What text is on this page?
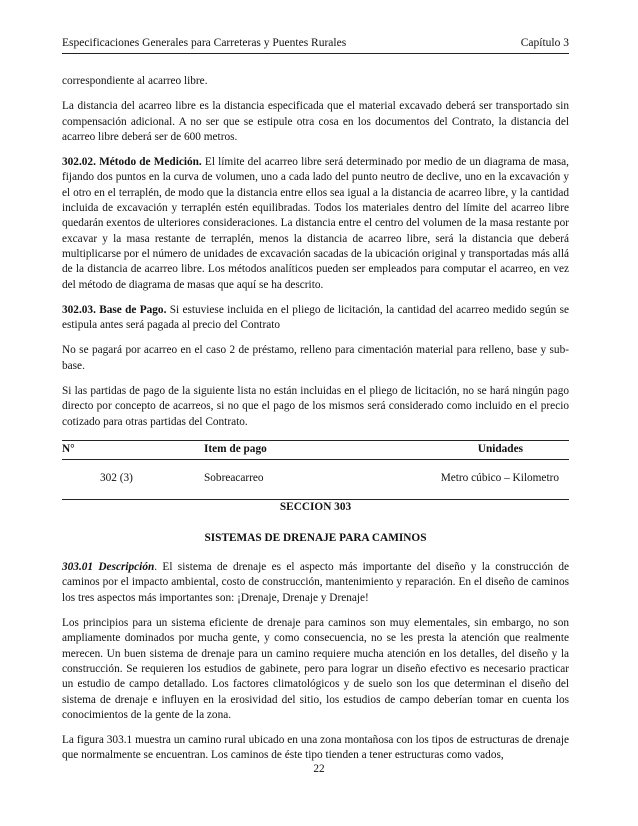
Especificaciones Generales para Carreteras y Puentes Rurales	Capítulo 3

correspondiente al acarreo libre.

La distancia del acarreo libre es la distancia especificada que el material excavado deberá ser transportado sin compensación adicional. A no ser que se estipule otra cosa en los documentos del Contrato, la distancia del acarreo libre deberá ser de 600 metros.

302.02. Método de Medición. El límite del acarreo libre será determinado por medio de un diagrama de masa, fijando dos puntos en la curva de volumen, uno a cada lado del punto neutro de declive, uno en la excavación y el otro en el terraplén, de modo que la distancia entre ellos sea igual a la distancia de acarreo libre, y la cantidad incluida de excavación y terraplén estén equilibradas. Todos los materiales dentro del límite del acarreo libre quedarán exentos de ulteriores consideraciones. La distancia entre el centro del volumen de la masa restante por excavar y la masa restante de terraplén, menos la distancia de acarreo libre, será la distancia que deberá multiplicarse por el número de unidades de excavación sacadas de la ubicación original y transportadas más allá de la distancia de acarreo libre. Los métodos analíticos pueden ser empleados para computar el acarreo, en vez del método de diagrama de masas que aquí se ha descrito.

302.03. Base de Pago. Si estuviese incluida en el pliego de licitación, la cantidad del acarreo medido según se estipula antes será pagada al precio del Contrato

No se pagará por acarreo en el caso 2 de préstamo, relleno para cimentación material para relleno, base y sub-base.

Si las partidas de pago de la siguiente lista no están incluidas en el pliego de licitación, no se hará ningún pago directo por concepto de acarreos, si no que el pago de los mismos será considerado como incluido en el precio cotizado para otras partidas del Contrato.

N°	Item de pago	Unidades
302 (3)	Sobreacarreo	Metro cúbico – Kilometro

SECCION 303

SISTEMAS DE DRENAJE PARA CAMINOS

303.01 Descripción. El sistema de drenaje es el aspecto más importante del diseño y la construcción de caminos por el impacto ambiental, costo de construcción, mantenimiento y reparación. En el diseño de caminos los tres aspectos más importantes son: ¡Drenaje, Drenaje y Drenaje!

Los principios para un sistema eficiente de drenaje para caminos son muy elementales, sin embargo, no son ampliamente dominados por mucha gente, y como consecuencia, no se les presta la atención que realmente merecen. Un buen sistema de drenaje para un camino requiere mucha atención en los detalles, del diseño y la construcción. Se requieren los estudios de gabinete, pero para lograr un diseño efectivo es necesario practicar un estudio de campo detallado. Los factores climatológicos y de suelo son los que determinan el diseño del sistema de drenaje e influyen en la erosividad del sitio, los estudios de campo deberían tomar en cuenta los conocimientos de la gente de la zona.

La figura 303.1 muestra un camino rural ubicado en una zona montañosa con los tipos de estructuras de drenaje que normalmente se encuentran. Los caminos de éste tipo tienden a tener estructuras como vados,

22
